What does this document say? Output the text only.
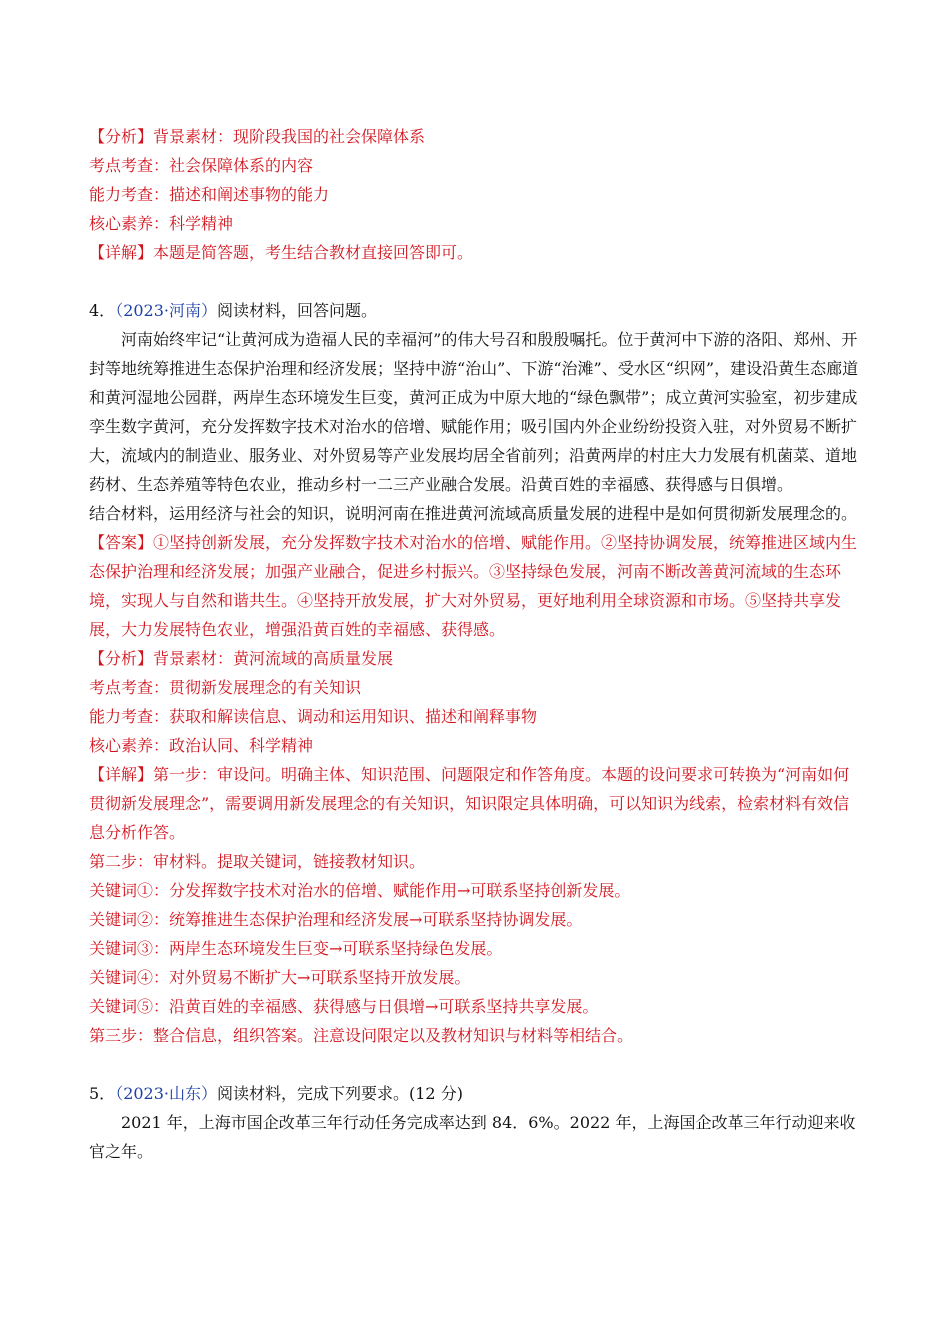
【分析】背景素材：现阶段我国的社会保障体系
考点考查：社会保障体系的内容
能力考查：描述和阐述事物的能力
核心素养：科学精神
【详解】本题是简答题，考生结合教材直接回答即可。
4．（2023·河南）阅读材料，回答问题。
河南始终牢记“让黄河成为造福人民的幸福河”的伟大号召和殷殷嘱托。位于黄河中下游的洛阳、郑州、开封等地统筹推进生态保护治理和经济发展；坚持中游“治山”、下游“治滩”、受水区“织网”，建设沿黄生态廊道和黄河湿地公园群，两岸生态环境发生巨变，黄河正成为中原大地的“绿色飘带”；成立黄河实验室，初步建成孪生数字黄河，充分发挥数字技术对治水的倍增、赋能作用；吸引国内外企业纷纷投资入驻，对外贸易不断扩大，流域内的制造业、服务业、对外贸易等产业发展均居全省前列；沿黄两岸的村庄大力发展有机菌菜、道地药材、生态养殖等特色农业，推动乡村一二三产业融合发展。沿黄百姓的幸福感、获得感与日俱增。
结合材料，运用经济与社会的知识，说明河南在推进黄河流域高质量发展的进程中是如何贯彻新发展理念的。
【答案】①坚持创新发展，充分发挥数字技术对治水的倍增、赋能作用。②坚持协调发展，统筹推进区域内生态保护治理和经济发展；加强产业融合，促进乡村振兴。③坚持绿色发展，河南不断改善黄河流域的生态环境，实现人与自然和谐共生。④坚持开放发展，扩大对外贸易，更好地利用全球资源和市场。⑤坚持共享发展，大力发展特色农业，增强沿黄百姓的幸福感、获得感。
【分析】背景素材：黄河流域的高质量发展
考点考查：贯彻新发展理念的有关知识
能力考查：获取和解读信息、调动和运用知识、描述和阐释事物
核心素养：政治认同、科学精神
【详解】第一步：审设问。明确主体、知识范围、问题限定和作答角度。本题的设问要求可转换为“河南如何贯彻新发展理念”，需要调用新发展理念的有关知识，知识限定具体明确，可以知识为线索，检索材料有效信息分析作答。
第二步：审材料。提取关键词，链接教材知识。
关键词①：分发挥数字技术对治水的倍增、赋能作用→可联系坚持创新发展。
关键词②：统筹推进生态保护治理和经济发展→可联系坚持协调发展。
关键词③：两岸生态环境发生巨变→可联系坚持绿色发展。
关键词④：对外贸易不断扩大→可联系坚持开放发展。
关键词⑤：沿黄百姓的幸福感、获得感与日俱增→可联系坚持共享发展。
第三步：整合信息，组织答案。注意设问限定以及教材知识与材料等相结合。
5．（2023·山东）阅读材料，完成下列要求。(12 分)
2021 年，上海市国企改革三年行动任务完成率达到 84．6%。2022 年，上海国企改革三年行动迎来收官之年。
